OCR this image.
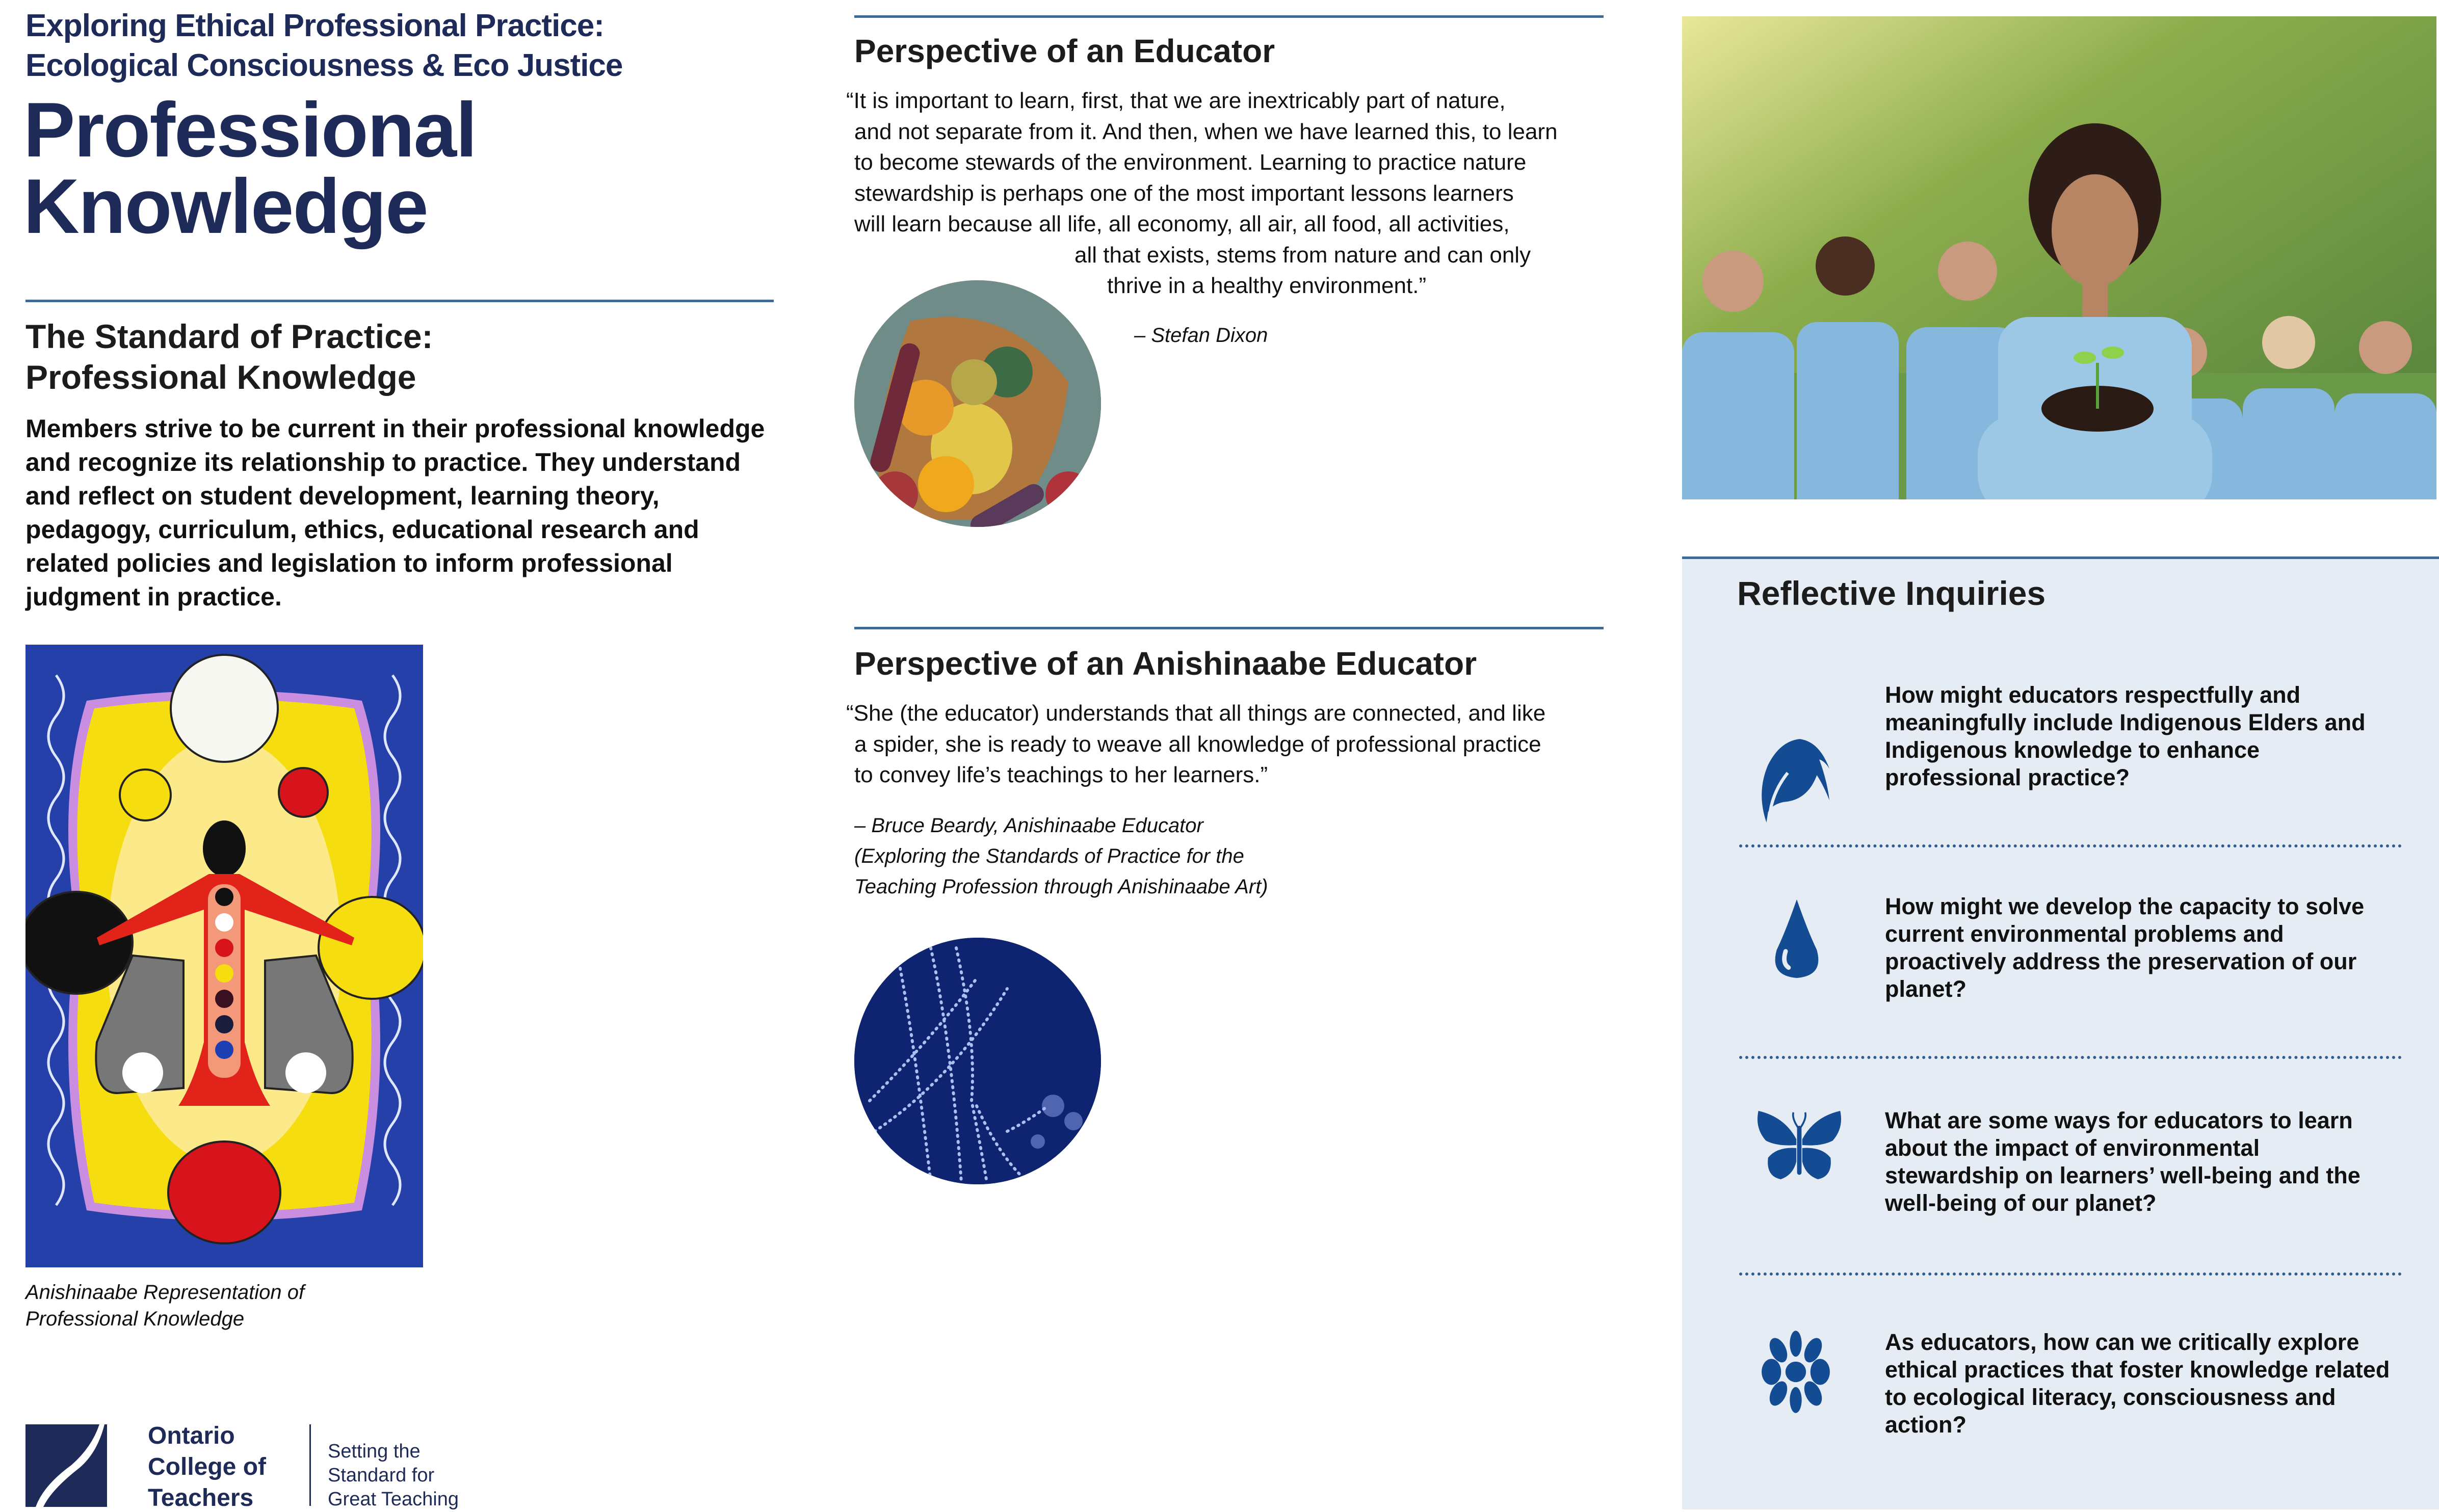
Exploring Ethical Professional Practice:
Ecological Consciousness & Eco Justice
Professional
Knowledge
The Standard of Practice:
Professional Knowledge
Members strive to be current in their professional knowledge and recognize its relationship to practice. They understand and reflect on student development, learning theory, pedagogy, curriculum, ethics, educational research and related policies and legislation to inform professional judgment in practice.
Anishinaabe Representation of
Professional Knowledge
Ontario
College of
Teachers
Setting the
Standard for
Great Teaching
Perspective of an Educator
“It is important to learn, first, that we are inextricably part of nature,
and not separate from it. And then, when we have learned this, to learn
to become stewards of the environment. Learning to practice nature
stewardship is perhaps one of the most important lessons learners
will learn because all life, all economy, all air, all food, all activities,
all that exists, stems from nature and can only
thrive in a healthy environment.”
– Stefan Dixon
Perspective of an Anishinaabe Educator
“She (the educator) understands that all things are connected, and like
a spider, she is ready to weave all knowledge of professional practice
to convey life’s teachings to her learners.”
– Bruce Beardy, Anishinaabe Educator
(Exploring the Standards of Practice for the
Teaching Profession through Anishinaabe Art)
Reflective Inquiries
How might educators respectfully and meaningfully include Indigenous Elders and Indigenous knowledge to enhance professional practice?
How might we develop the capacity to solve current environmental problems and proactively address the preservation of our planet?
What are some ways for educators to learn about the impact of environmental stewardship on learners’ well-being and the well-being of our planet?
As educators, how can we critically explore ethical practices that foster knowledge related to ecological literacy, consciousness and action?
